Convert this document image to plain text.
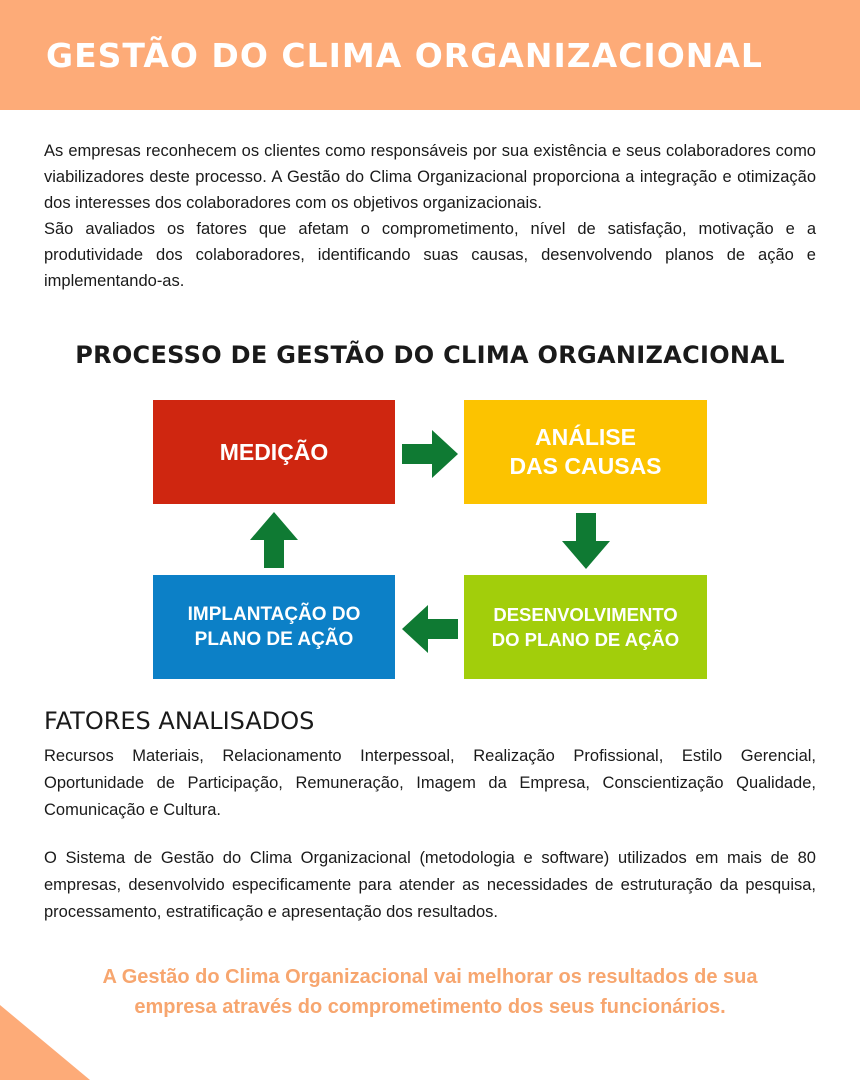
GESTÃO DO CLIMA ORGANIZACIONAL

As empresas reconhecem os clientes como responsáveis por sua existência e seus colaboradores como viabilizadores deste processo. A Gestão do Clima Organizacional proporciona a integração e otimização dos interesses dos colaboradores com os objetivos organizacionais.

São avaliados os fatores que afetam o comprometimento, nível de satisfação, motivação e a produtividade dos colaboradores, identificando suas causas, desenvolvendo planos de ação e implementando-as.

PROCESSO DE GESTÃO DO CLIMA ORGANIZACIONAL
MEDIÇÃO
ANÁLISE
DAS CAUSAS
DESENVOLVIMENTO
DO PLANO DE AÇÃO
IMPLANTAÇÃO DO
PLANO DE AÇÃO
FATORES ANALISADOS

Recursos Materiais, Relacionamento Interpessoal, Realização Profissional, Estilo Gerencial, Oportunidade de Participação, Remuneração, Imagem da Empresa, Conscientização Qualidade, Comunicação e Cultura.

O Sistema de Gestão do Clima Organizacional (metodologia e software) utilizados em mais de 80 empresas, desenvolvido especificamente para atender as necessidades de estruturação da pesquisa, processamento, estratificação e apresentação dos resultados.

A Gestão do Clima Organizacional vai melhorar os resultados de sua
empresa através do comprometimento dos seus funcionários.
